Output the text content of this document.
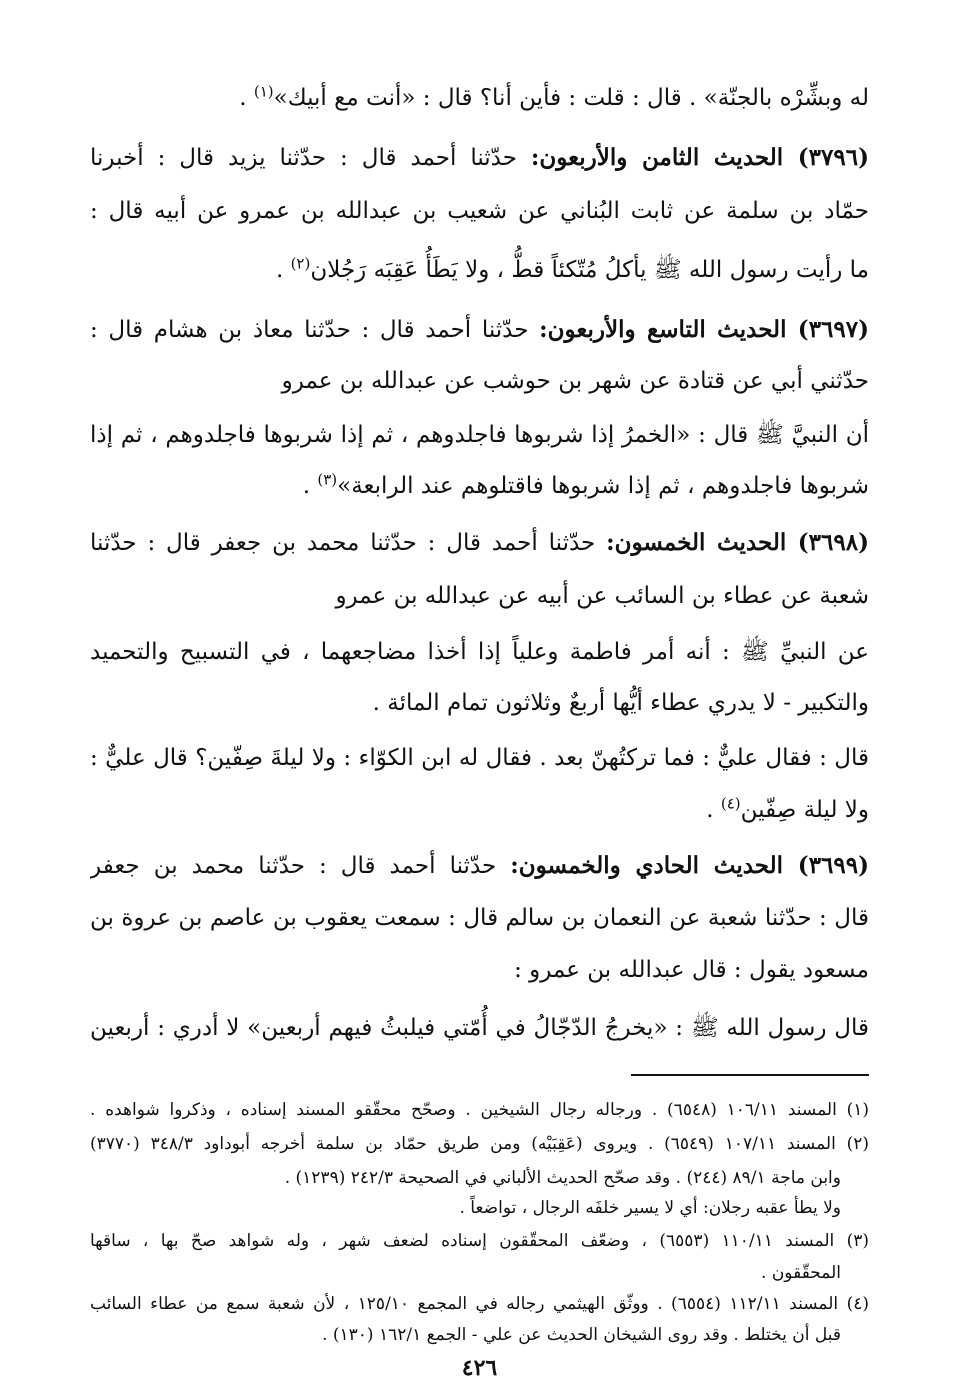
له وبشِّرْه بالجنّة» . قال : قلت : فأين أنا؟ قال : «أنت مع أبيك»$^{(١)}$ .
(٣٧٩٦) الحديث الثامن والأربعون: حدّثنا أحمد قال : حدّثنا يزيد قال : أخبرنا
حمّاد بن سلمة عن ثابت البُناني عن شعيب بن عبدالله بن عمرو عن أبيه قال :
ما رأيت رسول الله ﷺ يأكلُ مُتّكئاً قطُّ ، ولا يَطَأُ عَقِبَه رَجُلان$^{(٢)}$ .
(٣٦٩٧) الحديث التاسع والأربعون: حدّثنا أحمد قال : حدّثنا معاذ بن هشام قال :
حدّثني أبي عن قتادة عن شهر بن حوشب عن عبدالله بن عمرو
أن النبيَّ ﷺ قال : «الخمرُ إذا شربوها فاجلدوهم ، ثم إذا شربوها فاجلدوهم ، ثم إذا
شربوها فاجلدوهم ، ثم إذا شربوها فاقتلوهم عند الرابعة»$^{(٣)}$ .
(٣٦٩٨) الحديث الخمسون: حدّثنا أحمد قال : حدّثنا محمد بن جعفر قال : حدّثنا
شعبة عن عطاء بن السائب عن أبيه عن عبدالله بن عمرو
عن النبيِّ ﷺ : أنه أمر فاطمة وعلياً إذا أخذا مضاجعهما ، في التسبيح والتحميد
والتكبير - لا يدري عطاء أيُّها أربعٌ وثلاثون تمام المائة .
قال : فقال عليٌّ : فما تركتُهنّ بعد . فقال له ابن الكوّاء : ولا ليلةَ صِفّين؟ قال عليٌّ :
ولا ليلة صِفّين$^{(٤)}$ .
(٣٦٩٩) الحديث الحادي والخمسون: حدّثنا أحمد قال : حدّثنا محمد بن جعفر
قال : حدّثنا شعبة عن النعمان بن سالم قال : سمعت يعقوب بن عاصم بن عروة بن
مسعود يقول : قال عبدالله بن عمرو :
قال رسول الله ﷺ : «يخرجُ الدّجّالُ في أُمّتي فيلبثُ فيهم أربعين» لا أدري : أربعين
(١) المسند ١٠٦/١١ (٦٥٤٨) . ورجاله رجال الشيخين . وصحّح محقّقو المسند إسناده ، وذكروا شواهده .
(٢) المسند ١٠٧/١١ (٦٥٤٩) . ويروى (عَقِبَيْه) ومن طريق حمّاد بن سلمة أخرجه أبوداود ٣٤٨/٣ (٣٧٧٠)
وابن ماجة ٨٩/١ (٢٤٤) . وقد صحّح الحديث الألباني في الصحيحة ٢٤٢/٣ (١٢٣٩) .
ولا يطأ عقبه رجلان: أي لا يسير خلفَه الرجال ، تواضعاً .
(٣) المسند ١١٠/١١ (٦٥٥٣) ، وضعّف المحقّقون إسناده لضعف شهر ، وله شواهد صحّ بها ، ساقها
المحقّقون .
(٤) المسند ١١٢/١١ (٦٥٥٤) . ووثّق الهيثمي رجاله في المجمع ١٢٥/١٠ ، لأن شعبة سمع من عطاء السائب
قبل أن يختلط . وقد روى الشيخان الحديث عن علي - الجمع ١٦٢/١ (١٣٠) .
٤٢٦
